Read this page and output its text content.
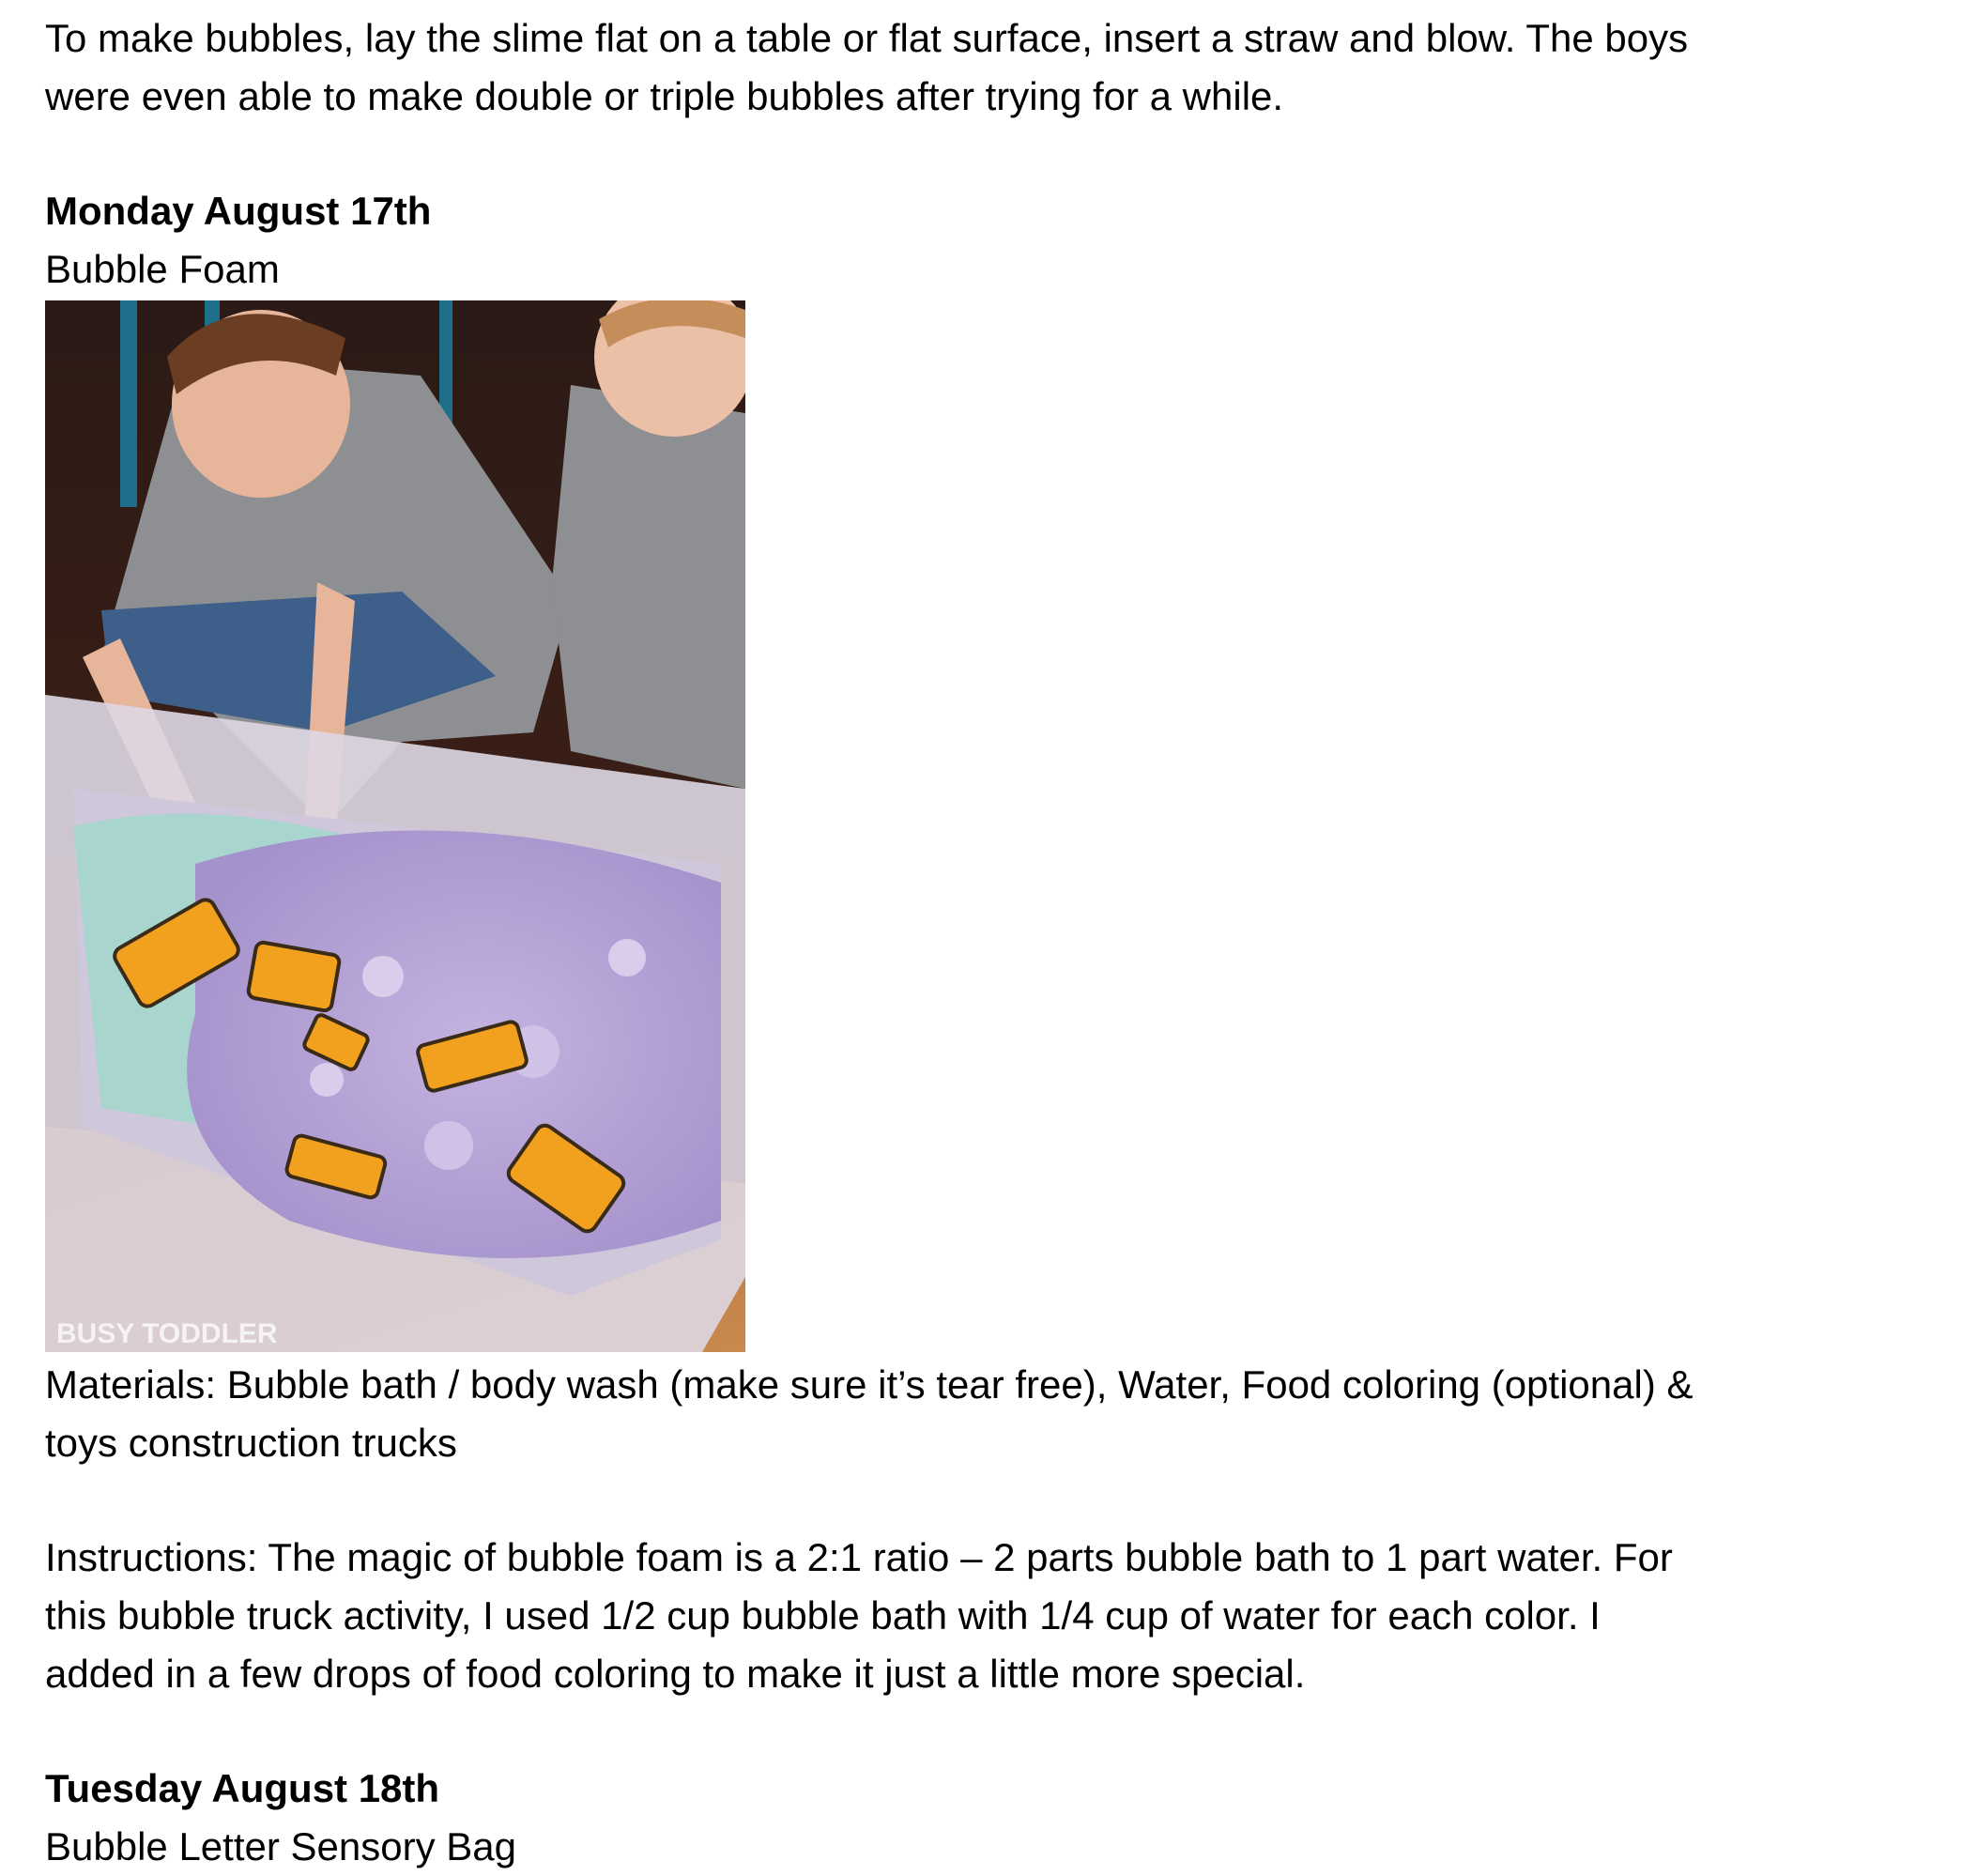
To make bubbles, lay the slime flat on a table or flat surface, insert a straw and blow. The boys
were even able to make double or triple bubbles after trying for a while.

Monday August 17th

Bubble Foam

BUSY TODDLER

Materials: Bubble bath / body wash (make sure it’s tear free), Water, Food coloring (optional) &
toys construction trucks

Instructions: The magic of bubble foam is a 2:1 ratio – 2 parts bubble bath to 1 part water. For
this bubble truck activity, I used 1/2 cup bubble bath with 1/4 cup of water for each color. I
added in a few drops of food coloring to make it just a little more special.

Tuesday August 18th

Bubble Letter Sensory Bag
